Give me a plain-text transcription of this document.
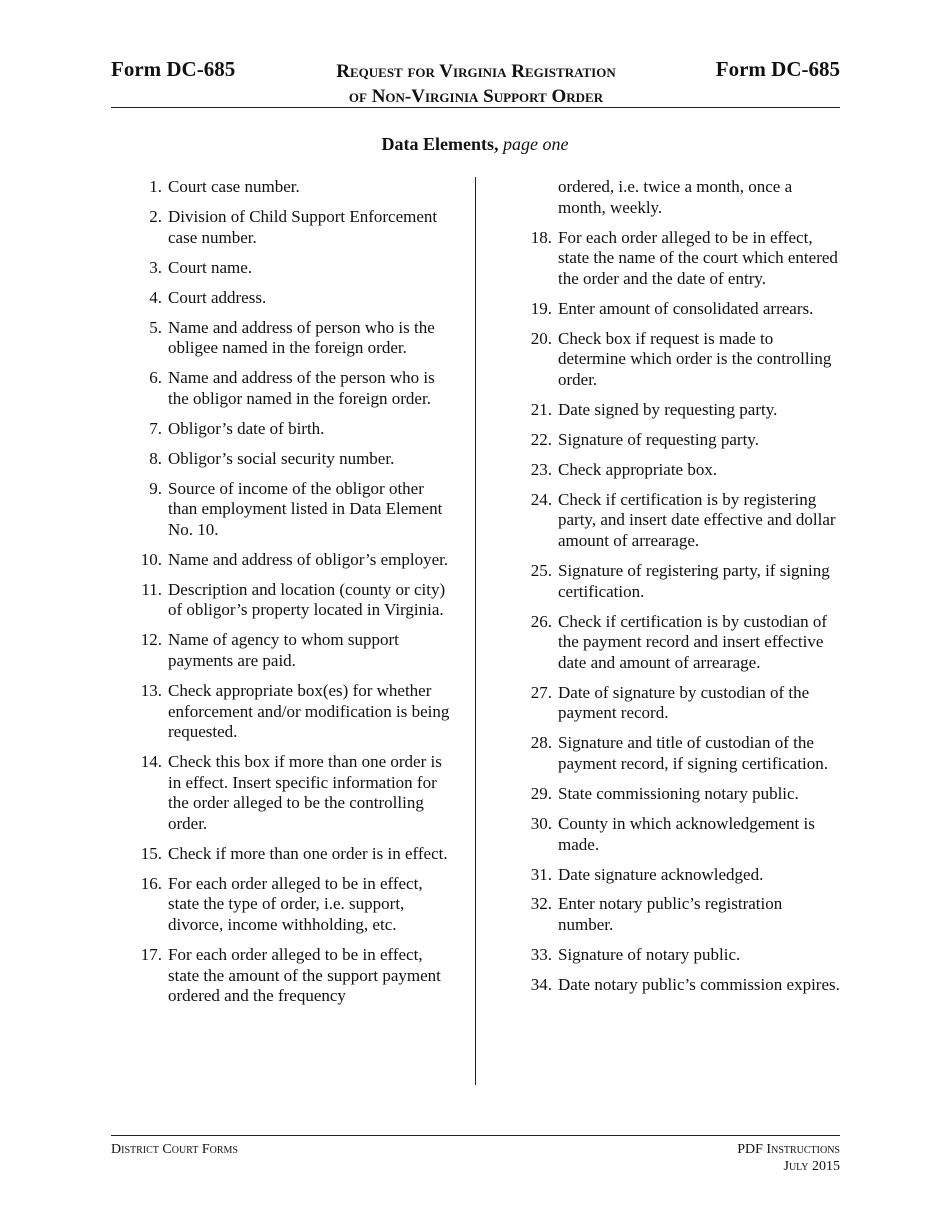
Form DC-685	Request for Virginia Registration
of Non-Virginia Support Order
Form DC-685
Data Elements, page one
1. Court case number.
2. Division of Child Support Enforcement case number.
3. Court name.
4. Court address.
5. Name and address of person who is the obligee named in the foreign order.
6. Name and address of the person who is the obligor named in the foreign order.
7. Obligor’s date of birth.
8. Obligor’s social security number.
9. Source of income of the obligor other than employment listed in Data Element No. 10.
10. Name and address of obligor’s employer.
11. Description and location (county or city) of obligor’s property located in Virginia.
12. Name of agency to whom support payments are paid.
13. Check appropriate box(es) for whether enforcement and/or modification is being requested.
14. Check this box if more than one order is in effect. Insert specific information for the order alleged to be the controlling order.
15. Check if more than one order is in effect.
16. For each order alleged to be in effect, state the type of order, i.e. support, divorce, income withholding, etc.
17. For each order alleged to be in effect, state the amount of the support payment ordered and the frequency
ordered, i.e. twice a month, once a month, weekly.
18. For each order alleged to be in effect, state the name of the court which entered the order and the date of entry.
19. Enter amount of consolidated arrears.
20. Check box if request is made to determine which order is the controlling order.
21. Date signed by requesting party.
22. Signature of requesting party.
23. Check appropriate box.
24. Check if certification is by registering party, and insert date effective and dollar amount of arrearage.
25. Signature of registering party, if signing certification.
26. Check if certification is by custodian of the payment record and insert effective date and amount of arrearage.
27. Date of signature by custodian of the payment record.
28. Signature and title of custodian of the payment record, if signing certification.
29. State commissioning notary public.
30. County in which acknowledgement is made.
31. Date signature acknowledged.
32. Enter notary public’s registration number.
33. Signature of notary public.
34. Date notary public’s commission expires.
District Court Forms	PDF Instructions
July 2015
